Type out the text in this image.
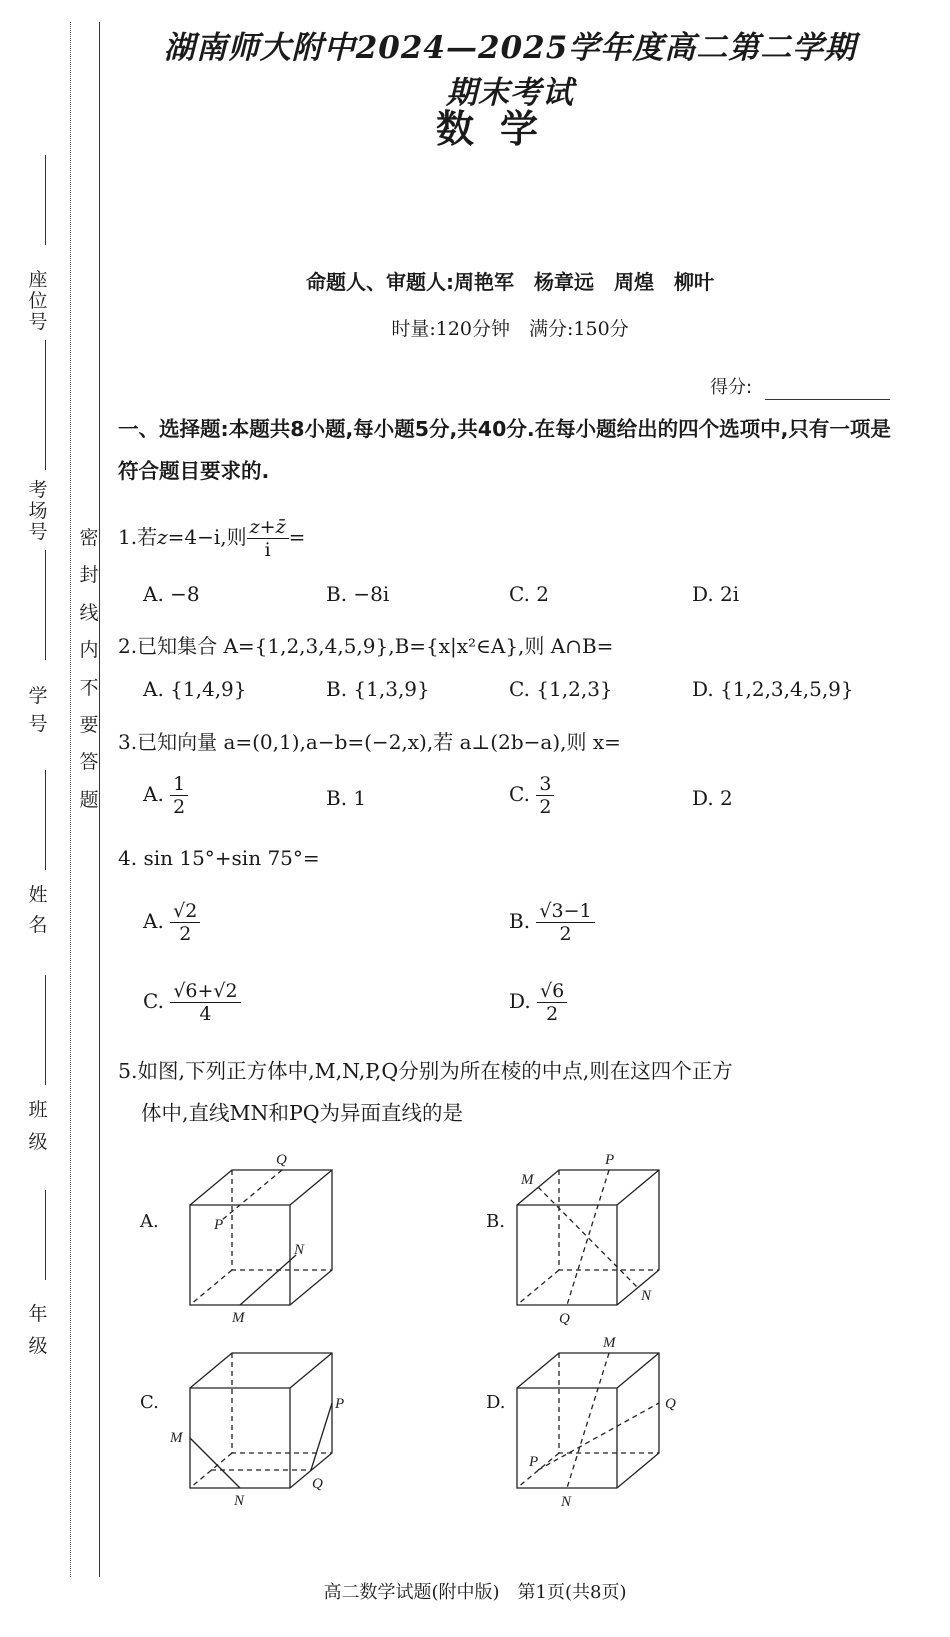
座位号
考场号
学　号
姓　名
班　级
年　级
密封线内不要答题
湖南师大附中2024—2025学年度高二第二学期期末考试
数学
命题人、审题人:周艳军　杨章远　周煌　柳叶
时量:120分钟　满分:150分
得分:
一、选择题:本题共8小题,每小题5分,共40分.在每小题给出的四个选项中,只有一项是符合题目要求的.
1.若z=4−i,则 $\frac{z+z̄}{i}$ =
A. −8	B. −8i	C. 2	D. 2i
2.已知集合 A={1,2,3,4,5,9},B={x|x²∈A},则 A∩B=
A. {1,4,9}	B. {1,3,9}	C. {1,2,3}	D. {1,2,3,4,5,9}
3.已知向量 a=(0,1),a−b=(−2,x),若 a⊥(2b−a),则 x=
A. $\frac{1}{2}$	B. 1	C. $\frac{3}{2}$	D. 2
4. sin 15°+sin 75°=
A. $\frac{√2}{2}$	B. $\frac{√3-1}{2}$
C. $\frac{√6+√2}{4}$	D. $\frac{√6}{2}$
5.如图,下列正方体中,M,N,P,Q分别为所在棱的中点,则在这四个正方
体中,直线MN和PQ为异面直线的是
A.	B.
C.	D.
Q
P
N
M
M
P
N
Q
M
P
Q
N
M
Q
P
N
高二数学试题(附中版)　第1页(共8页)
